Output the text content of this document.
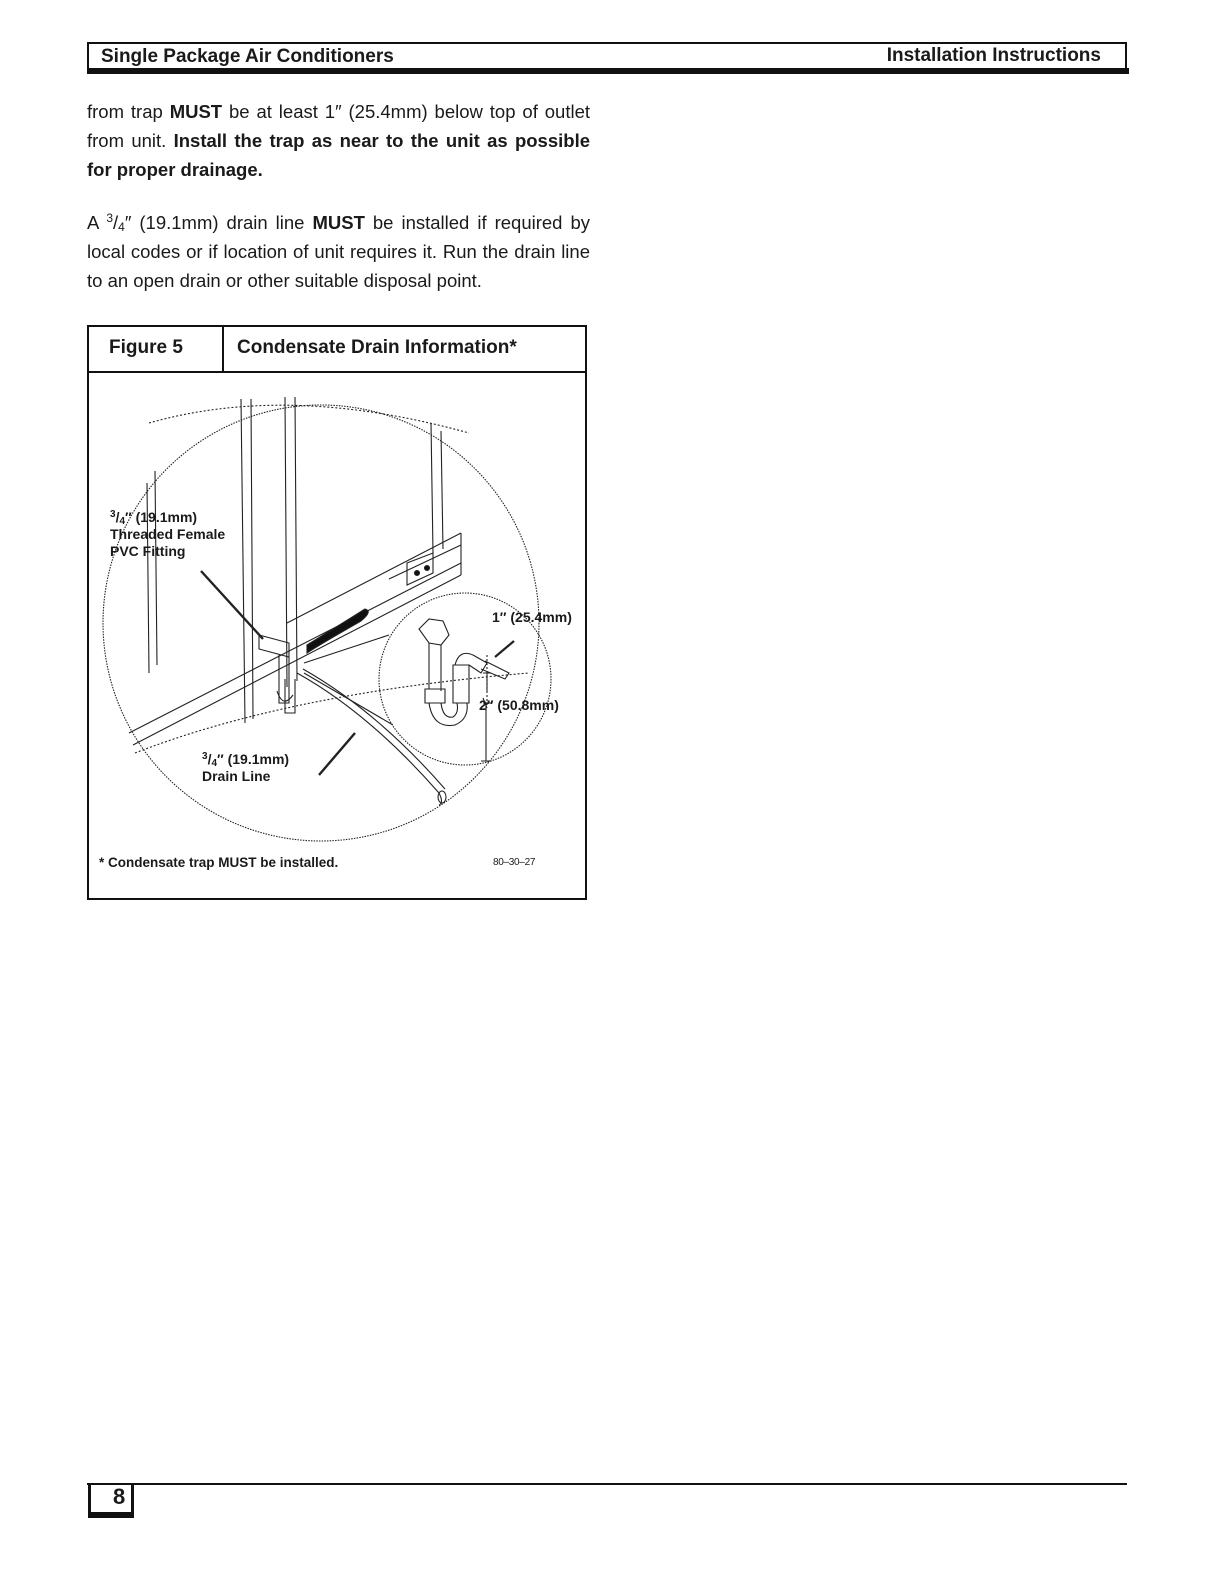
Single Package Air Conditioners	Installation Instructions

from trap MUST be at least 1″ (25.4mm) below top of outlet from unit. Install the trap as near to the unit as possible for proper drainage.

A $^3/_4''$ (19.1mm) drain line MUST be installed if required by local codes or if location of unit requires it. Run the drain line to an open drain or other suitable disposal point.

Figure 5	Condensate Drain Information*
$^3/_4''$ (19.1mm)
Threaded Female
PVC Fitting
1″ (25.4mm)
2″ (50.8mm)
$^3/_4''$ (19.1mm)
Drain Line
* Condensate trap MUST be installed.	80–30–27
8
